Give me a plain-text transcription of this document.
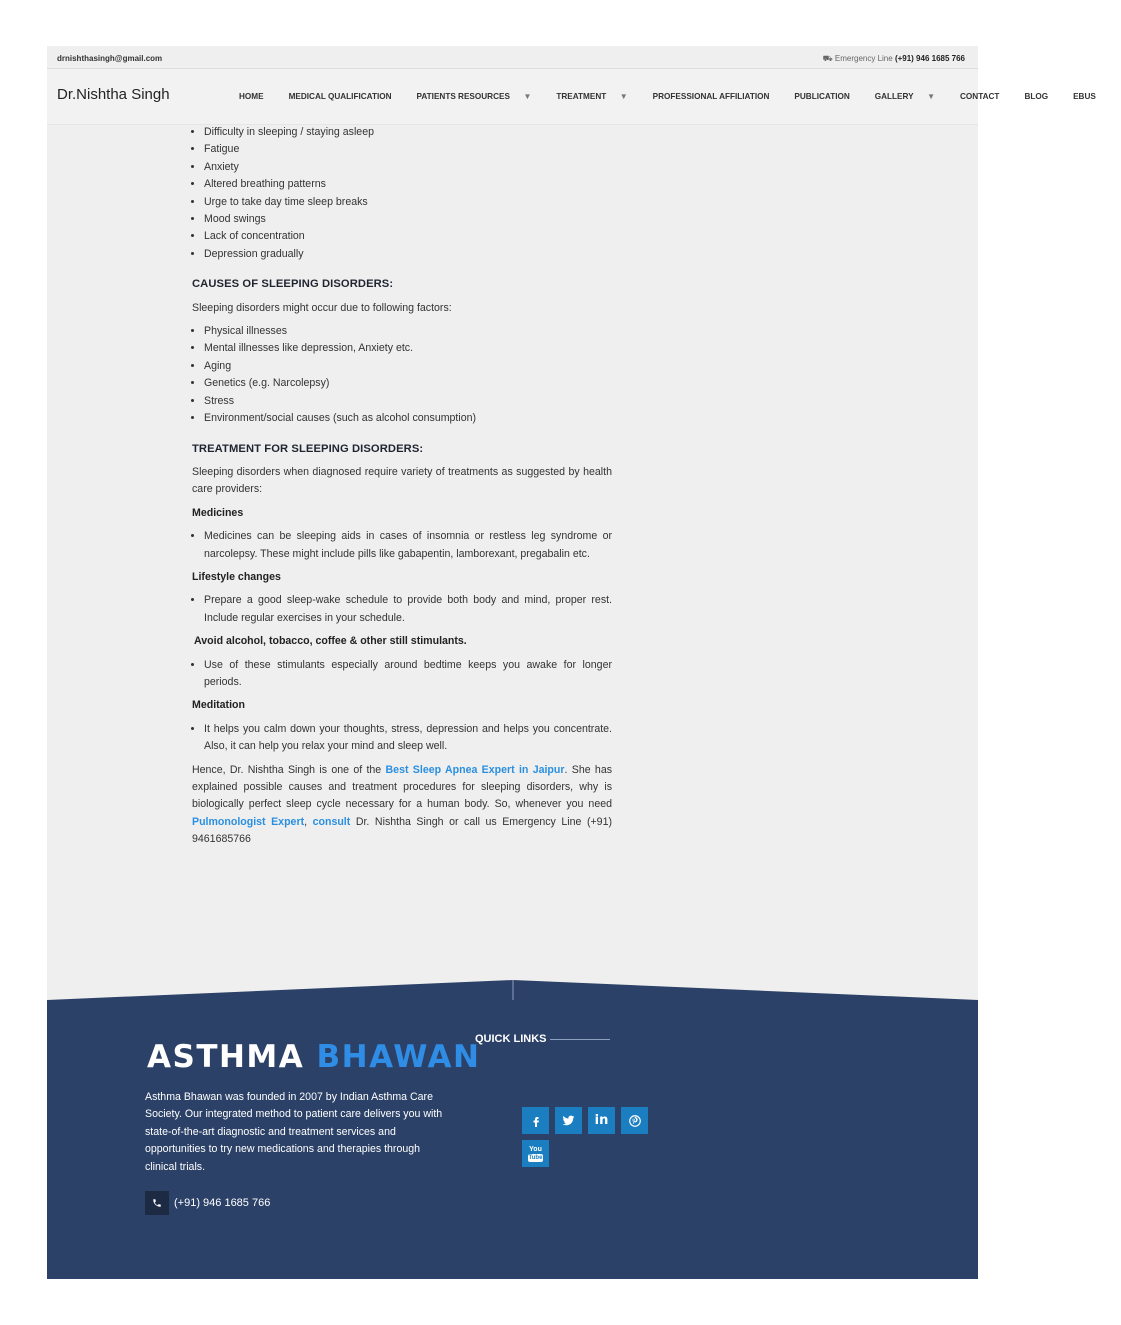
drnishthasingh@gmail.com	⛟ Emergency Line (+91) 946 1685 766
Dr.Nishtha Singh	HOME	MEDICAL QUALIFICATION	PATIENTS RESOURCES ▼	TREATMENT ▼	PROFESSIONAL AFFILIATION	PUBLICATION	GALLERY ▼	CONTACT	BLOG	EBUS
• Difficulty in sleeping / staying asleep
• Fatigue
• Anxiety
• Altered breathing patterns
• Urge to take day time sleep breaks
• Mood swings
• Lack of concentration
• Depression gradually
CAUSES OF SLEEPING DISORDERS:

Sleeping disorders might occur due to following factors:

• Physical illnesses
• Mental illnesses like depression, Anxiety etc.
• Aging
• Genetics (e.g. Narcolepsy)
• Stress
• Environment/social causes (such as alcohol consumption)
TREATMENT FOR SLEEPING DISORDERS:

Sleeping disorders when diagnosed require variety of treatments as suggested by health care providers:

Medicines

• Medicines can be sleeping aids in cases of insomnia or restless leg syndrome or narcolepsy. These might include pills like gabapentin, lamborexant, pregabalin etc.

Lifestyle changes

• Prepare a good sleep-wake schedule to provide both body and mind, proper rest. Include regular exercises in your schedule.

Avoid alcohol, tobacco, coffee & other still stimulants.

• Use of these stimulants especially around bedtime keeps you awake for longer periods.

Meditation

• It helps you calm down your thoughts, stress, depression and helps you concentrate. Also, it can help you relax your mind and sleep well.

Hence, Dr. Nishtha Singh is one of the Best Sleep Apnea Expert in Jaipur. She has explained possible causes and treatment procedures for sleeping disorders, why is biologically perfect sleep cycle necessary for a human body. So, whenever you need Pulmonologist Expert, consult Dr. Nishtha Singh or call us Emergency Line (+91) 9461685766

ASTHMA BHAWAN
Asthma Bhawan was founded in 2007 by Indian Asthma Care Society. Our integrated method to patient care delivers you with state-of-the-art diagnostic and treatment services and opportunities to try new medications and therapies through clinical trials.
(+91) 946 1685 766
QUICK LINKS
in
You
Tube
